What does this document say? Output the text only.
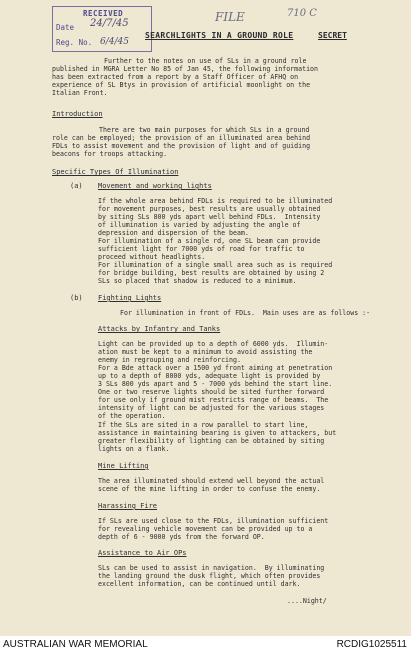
RECEIVED
Date
Reg. No.
24/7/45
6/4/45
FILE	710 C
SEARCHLIGHTS IN A GROUND ROLE	SECRET
Further to the notes on use of SLs in a ground role
published in MGRA Letter No 85 of Jan 45, the following information
has been extracted from a report by a Staff Officer of AFHQ on
experience of SL Btys in provision of artificial moonlight on the
Italian Front.
Introduction
There are two main purposes for which SLs in a ground
role can be employed; the provision of an illuminated area behind
FDLs to assist movement and the provision of light and of guiding
beacons for troops attacking.
Specific Types Of Illumination
(a) Movement and working lights
If the whole area behind FDLs is required to be illuminated
for movement purposes, best results are usually obtained
by siting SLs 800 yds apart well behind FDLs.  Intensity
of illumination is varied by adjusting the angle of
depression and dispersion of the beam.
For illumination of a single rd, one SL beam can provide
sufficient light for 7000 yds of road for traffic to
proceed without headlights.
For illumination of a single small area such as is required
for bridge building, best results are obtained by using 2
SLs so placed that shadow is reduced to a minimum.
(b) Fighting Lights
For illumination in front of FDLs.  Main uses are as follows :-
Attacks by Infantry and Tanks
Light can be provided up to a depth of 6000 yds.  Illumin-
ation must be kept to a minimum to avoid assisting the
enemy in regrouping and reinforcing.
For a Bde attack over a 1500 yd front aiming at penetration
up to a depth of 8000 yds, adequate light is provided by
3 SLs 800 yds apart and 5 - 7000 yds behind the start line.
One or two reserve lights should be sited further forward
for use only if ground mist restricts range of beams.  The
intensity of light can be adjusted for the various stages
of the operation.
If the SLs are sited in a row parallel to start line,
assistance in maintaining bearing is given to attackers, but
greater flexibility of lighting can be obtained by siting
lights on a flank.
Mine Lifting
The area illuminated should extend well beyond the actual
scene of the mine lifting in order to confuse the enemy.
Harassing Fire
If SLs are used close to the FDLs, illumination sufficient
for revealing vehicle movement can be provided up to a
depth of 6 - 9000 yds from the forward OP.
Assistance to Air OPs
SLs can be used to assist in navigation.  By illuminating
the landing ground the dusk flight, which often provides
excellent information, can be continued until dark.
....Night/
AUSTRALIAN WAR MEMORIAL	RCDIG1025511
